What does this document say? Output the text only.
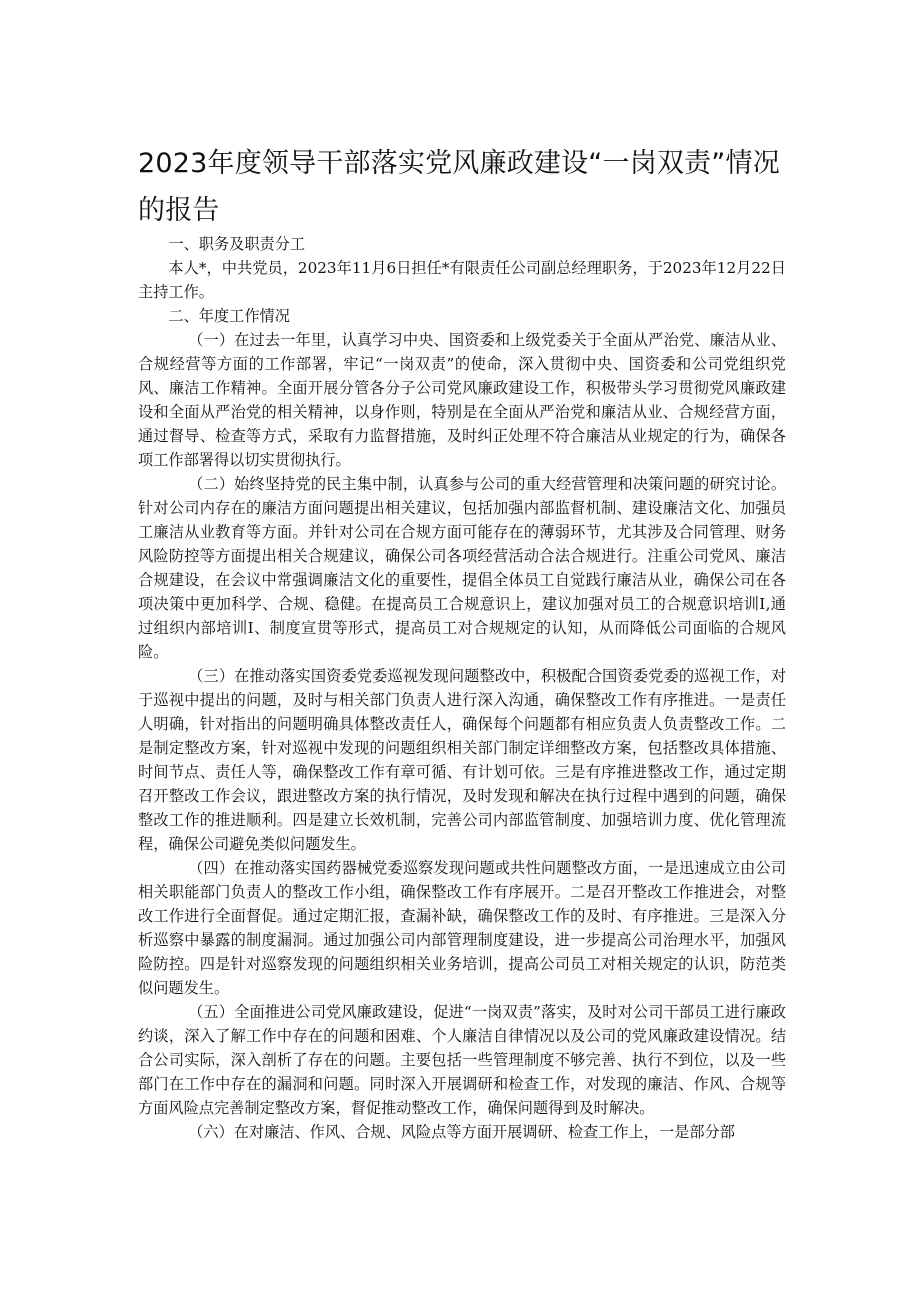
2023年度领导干部落实党风廉政建设“一岗双责”情况的报告

一、职务及职责分工

本人*，中共党员，2023年11月6日担任*有限责任公司副总经理职务，于2023年12月22日主持工作。

二、年度工作情况

（一）在过去一年里，认真学习中央、国资委和上级党委关于全面从严治党、廉洁从业、合规经营等方面的工作部署，牢记“一岗双责”的使命，深入贯彻中央、国资委和公司党组织党风、廉洁工作精神。全面开展分管各分子公司党风廉政建设工作，积极带头学习贯彻党风廉政建设和全面从严治党的相关精神，以身作则，特别是在全面从严治党和廉洁从业、合规经营方面，通过督导、检查等方式，采取有力监督措施，及时纠正处理不符合廉洁从业规定的行为，确保各项工作部署得以切实贯彻执行。

（二）始终坚持党的民主集中制，认真参与公司的重大经营管理和决策问题的研究讨论。针对公司内存在的廉洁方面问题提出相关建议，包括加强内部监督机制、建设廉洁文化、加强员工廉洁从业教育等方面。并针对公司在合规方面可能存在的薄弱环节，尤其涉及合同管理、财务风险防控等方面提出相关合规建议，确保公司各项经营活动合法合规进行。注重公司党风、廉洁合规建设，在会议中常强调廉洁文化的重要性，提倡全体员工自觉践行廉洁从业，确保公司在各项决策中更加科学、合规、稳健。在提高员工合规意识上，建议加强对员工的合规意识培训Ⅰ,通过组织内部培训Ⅰ、制度宣贯等形式，提高员工对合规规定的认知，从而降低公司面临的合规风险。

（三）在推动落实国资委党委巡视发现问题整改中，积极配合国资委党委的巡视工作，对于巡视中提出的问题，及时与相关部门负责人进行深入沟通，确保整改工作有序推进。一是责任人明确，针对指出的问题明确具体整改责任人，确保每个问题都有相应负责人负责整改工作。二是制定整改方案，针对巡视中发现的问题组织相关部门制定详细整改方案，包括整改具体措施、时间节点、责任人等，确保整改工作有章可循、有计划可依。三是有序推进整改工作，通过定期召开整改工作会议，跟进整改方案的执行情况，及时发现和解决在执行过程中遇到的问题，确保整改工作的推进顺利。四是建立长效机制，完善公司内部监管制度、加强培训力度、优化管理流程，确保公司避免类似问题发生。

（四）在推动落实国药器械党委巡察发现问题或共性问题整改方面，一是迅速成立由公司相关职能部门负责人的整改工作小组，确保整改工作有序展开。二是召开整改工作推进会，对整改工作进行全面督促。通过定期汇报，查漏补缺，确保整改工作的及时、有序推进。三是深入分析巡察中暴露的制度漏洞。通过加强公司内部管理制度建设，进一步提高公司治理水平，加强风险防控。四是针对巡察发现的问题组织相关业务培训，提高公司员工对相关规定的认识，防范类似问题发生。

（五）全面推进公司党风廉政建设，促进“一岗双责”落实，及时对公司干部员工进行廉政约谈，深入了解工作中存在的问题和困难、个人廉洁自律情况以及公司的党风廉政建设情况。结合公司实际，深入剖析了存在的问题。主要包括一些管理制度不够完善、执行不到位，以及一些部门在工作中存在的漏洞和问题。同时深入开展调研和检查工作，对发现的廉洁、作风、合规等方面风险点完善制定整改方案，督促推动整改工作，确保问题得到及时解决。

（六）在对廉洁、作风、合规、风险点等方面开展调研、检查工作上，一是部分部
